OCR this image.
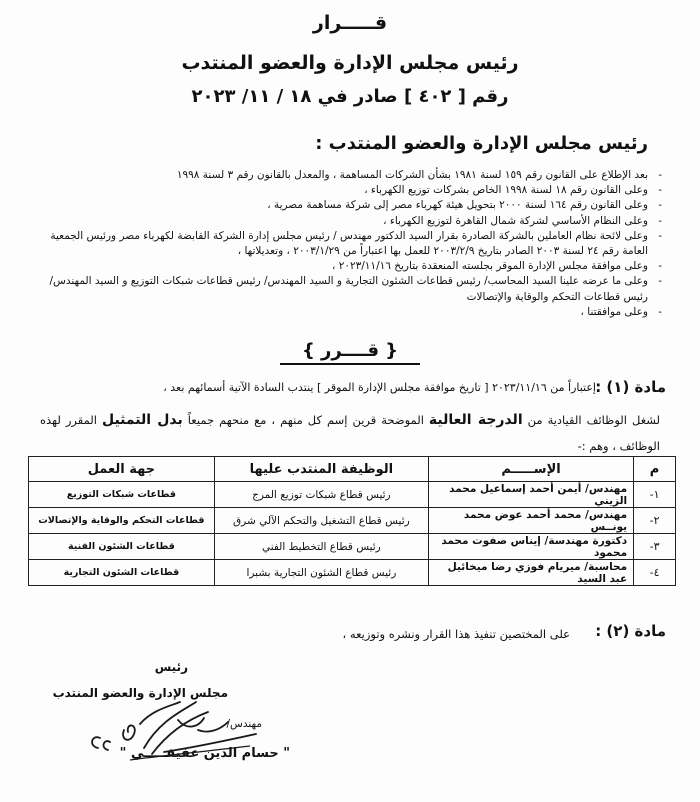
قـــــرار
رئيس مجلس الإدارة والعضو المنتدب
رقم [ ٤٠٢ ] صادر في ١٨ / ١١/ ٢٠٢٣
رئيس مجلس الإدارة والعضو المنتدب :
- بعد الإطلاع على القانون رقم ١٥٩ لسنة ١٩٨١ بشأن الشركات المساهمة ، والمعدل بالقانون رقم ٣ لسنة ١٩٩٨
- وعلى القانون رقم ١٨ لسنة ١٩٩٨ الخاص بشركات توزيع الكهرباء ،
- وعلى القانون رقم ١٦٤ لسنة ٢٠٠٠ بتحويل هيئة كهرباء مصر إلى شركة مساهمة مصرية ،
- وعلى النظام الأساسي لشركة شمال القاهرة لتوزيع الكهرباء ،
- وعلى لائحة نظام العاملين بالشركة الصادرة بقرار السيد الدكتور مهندس / رئيس مجلس إدارة الشركة القابضة لكهرباء مصر ورئيس الجمعية العامة رقم ٢٤ لسنة ٢٠٠٣ الصادر بتاريخ ٢٠٠٣/٢/٩ للعمل بها اعتباراً من ٢٠٠٣/١/٢٩ ، وتعديلاتها ،
- وعلى موافقة مجلس الإدارة الموقر بجلسته المنعقدة بتاريخ ٢٠٢٣/١١/١٦ ،
- وعلى ما عرضه علينا السيد المحاسب/ رئيس قطاعات الشئون التجارية و السيد المهندس/ رئيس قطاعات شبكات التوزيع و السيد المهندس/ رئيس قطاعات التحكم والوقاية والإتصالات
- وعلى موافقتنا ،
{ قــــرر }
مادة (١) :
إعتباراً من ٢٠٢٣/١١/١٦ [ تاريخ موافقة مجلس الإدارة الموقر ] ينتدب السادة الآتية أسمائهم بعد ،
لشغل الوظائف القيادية من الدرجة العالية الموضحة قرين إسم كل منهم ، مع منحهم جميعاً بدل التمثيل المقرر لهذه الوظائف ، وهم :-
م	الإســـــم	الوظيفة المنتدب عليها	جهة العمل
١-	مهندس/ أيمن أحمد إسماعيل محمد الزيني	رئيس قطاع شبكات توزيع المرج	قطاعات شبكات التوزيع
٢-	مهندس/ محمد أحمد عوض محمد يونــس	رئيس قطاع التشغيل والتحكم الآلي شرق	قطاعات التحكم والوقاية والإتصالات
٣-	دكتورة مهندسة/ إيناس صفوت محمد محمود	رئيس قطاع التخطيط الفني	قطاعات الشئون الفنية
٤-	محاسبة/ ميريام فوزي رضا ميخائيل عبد السيد	رئيس قطاع الشئون التجارية بشبرا	قطاعات الشئون التجارية
مادة (٢) :
على المختصين تنفيذ هذا القرار ونشره وتوزيعه ،
رئيس
مجلس الإدارة والعضو المنتدب
مهندس/
" حسام الدين عفيفـــــي "
